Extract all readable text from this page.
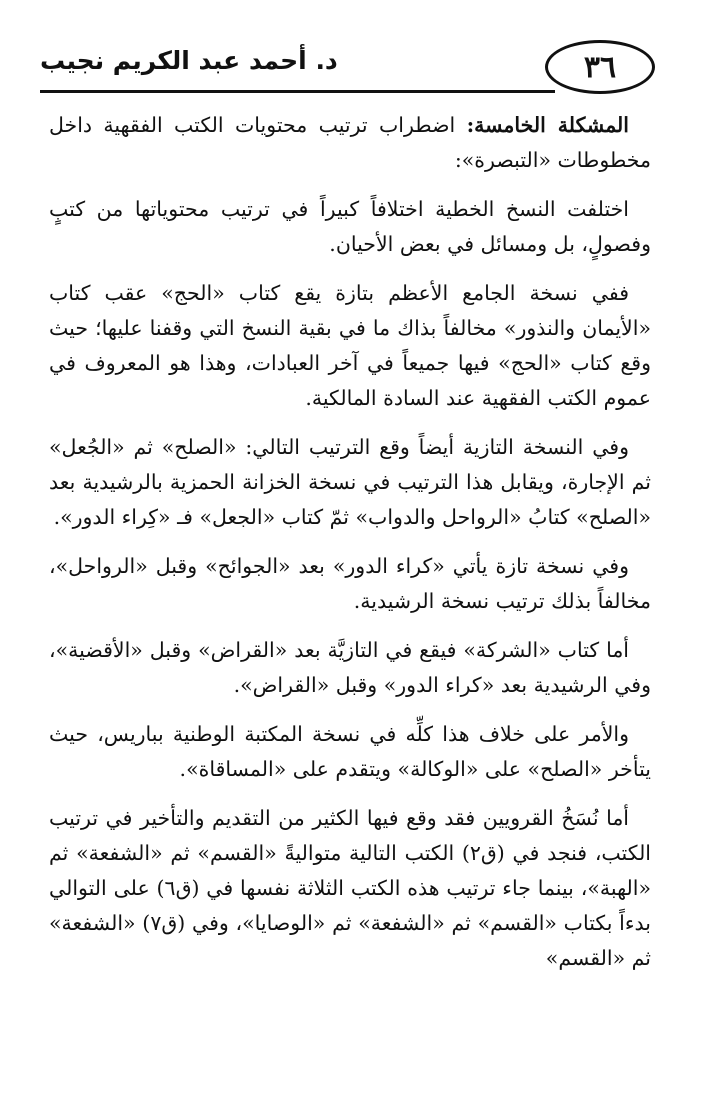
٣٦
د. أحمد عبد الكريم نجيب

المشكلة الخامسة: اضطراب ترتيب محتويات الكتب الفقهية داخل مخطوطات «التبصرة»:

اختلفت النسخ الخطية اختلافاً كبيراً في ترتيب محتوياتها من كتبٍ وفصولٍ، بل ومسائل في بعض الأحيان.

ففي نسخة الجامع الأعظم بتازة يقع كتاب «الحج» عقب كتاب «الأيمان والنذور» مخالفاً بذاك ما في بقية النسخ التي وقفنا عليها؛ حيث وقع كتاب «الحج» فيها جميعاً في آخر العبادات، وهذا هو المعروف في عموم الكتب الفقهية عند السادة المالكية.

وفي النسخة التازية أيضاً وقع الترتيب التالي: «الصلح» ثم «الجُعل» ثم الإجارة، ويقابل هذا الترتيب في نسخة الخزانة الحمزية بالرشيدية بعد «الصلح» كتابُ «الرواحل والدواب» ثمّ كتاب «الجعل» فـ «كِراء الدور».

وفي نسخة تازة يأتي «كراء الدور» بعد «الجوائح» وقبل «الرواحل»، مخالفاً بذلك ترتيب نسخة الرشيدية.

أما كتاب «الشركة» فيقع في التازيَّة بعد «القراض» وقبل «الأقضية»، وفي الرشيدية بعد «كراء الدور» وقبل «القراض».

والأمر على خلاف هذا كلِّه في نسخة المكتبة الوطنية بباريس، حيث يتأخر «الصلح» على «الوكالة» ويتقدم على «المساقاة».

أما نُسَخُ القرويين فقد وقع فيها الكثير من التقديم والتأخير في ترتيب الكتب، فنجد في (ق٢) الكتب التالية متواليةً «القسم» ثم «الشفعة» ثم «الهبة»، بينما جاء ترتيب هذه الكتب الثلاثة نفسها في (ق٦) على التوالي بدءاً بكتاب «القسم» ثم «الشفعة» ثم «الوصايا»، وفي (ق٧) «الشفعة» ثم «القسم»
